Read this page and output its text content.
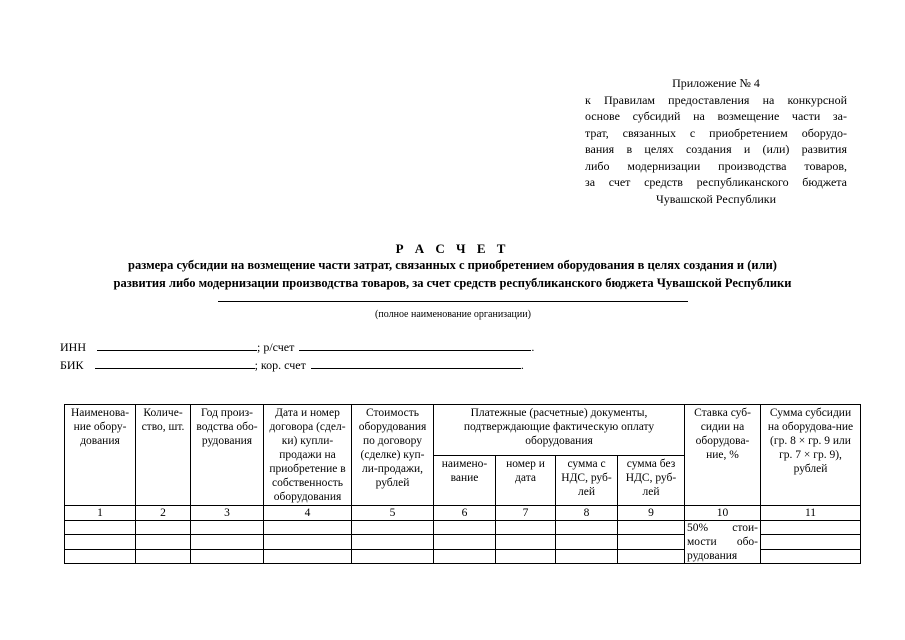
Приложение № 4
к Правилам предоставления на конкурсной
основе субсидий на возмещение части за-
трат, связанных с приобретением оборудо-
вания в целях создания и (или) развития
либо модернизации производства товаров,
за счет средств республиканского бюджета
Чувашской Республики
Р А С Ч Е Т
размера субсидии на возмещение части затрат, связанных с приобретением оборудования в целях создания и (или)
развития либо модернизации производства товаров, за счет средств республиканского бюджета Чувашской Республики
(полное наименование организации)
ИНН	; р/счет	.
БИК	; кор. счет	.
Наименова-ние обору-дования	Количе-ство, шт.	Год произ-водства обо-рудования	Дата и номер договора (сдел-ки) купли-продажи на приобретение в собственность оборудования	Стоимость оборудования по договору (сделке) куп-ли-продажи, рублей	Платежные (расчетные) документы, подтверждающие фактическую оплату оборудования				Ставка суб-сидии на оборудова-ние, %	Сумма субсидии на оборудова-ние (гр. 8 × гр. 9 или гр. 7 × гр. 9), рублей
					наимено-вание	номер и дата	сумма с НДС, руб-лей	сумма без НДС, руб-лей		
1	2	3	4	5	6	7	8	9	10	11
									50% стои-мости обо-рудования	
